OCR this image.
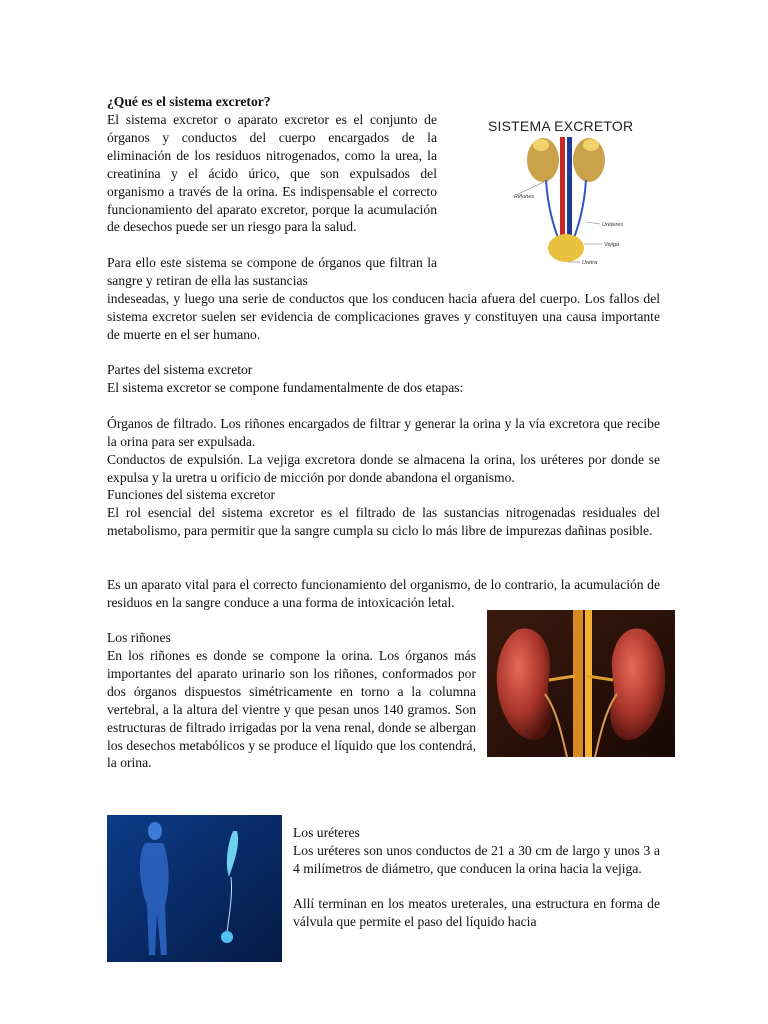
¿Qué es el sistema excretor?

El sistema excretor o aparato excretor es el conjunto de órganos y conductos del cuerpo encargados de la eliminación de los residuos nitrogenados, como la urea, la creatinina y el ácido úrico, que son expulsados del organismo a través de la orina. Es indispensable el correcto funcionamiento del aparato excretor, porque la acumulación de desechos puede ser un riesgo para la salud.

Para ello este sistema se compone de órganos que filtran la sangre y retiran de ella las sustancias

indeseadas, y luego una serie de conductos que los conducen hacia afuera del cuerpo. Los fallos del sistema excretor suelen ser evidencia de complicaciones graves y constituyen una causa importante de muerte en el ser humano.

SISTEMA EXCRETOR
Riñones
Uréteres
Vejiga
Uretra

Partes del sistema excretor

El sistema excretor se compone fundamentalmente de dos etapas:

Órganos de filtrado. Los riñones encargados de filtrar y generar la orina y la vía excretora que recibe la orina para ser expulsada.

Conductos de expulsión. La vejiga excretora donde se almacena la orina, los uréteres por donde se expulsa y la uretra u orificio de micción por donde abandona el organismo.

Funciones del sistema excretor

El rol esencial del sistema excretor es el filtrado de las sustancias nitrogenadas residuales del metabolismo, para permitir que la sangre cumpla su ciclo lo más libre de impurezas dañinas posible.

Es un aparato vital para el correcto funcionamiento del organismo, de lo contrario, la acumulación de residuos en la sangre conduce a una forma de intoxicación letal.

Los riñones

En los riñones es donde se compone la orina. Los órganos más importantes del aparato urinario son los riñones, conformados por dos órganos dispuestos simétricamente en torno a la columna vertebral, a la altura del vientre y que pesan unos 140 gramos. Son estructuras de filtrado irrigadas por la vena renal, donde se albergan los desechos metabólicos y se produce el líquido que los contendrá, la orina.

Los uréteres

Los uréteres son unos conductos de 21 a 30 cm de largo y unos 3 a 4 milímetros de diámetro, que conducen la orina hacia la vejiga.

Allí terminan en los meatos ureterales, una estructura en forma de válvula que permite el paso del líquido hacia
